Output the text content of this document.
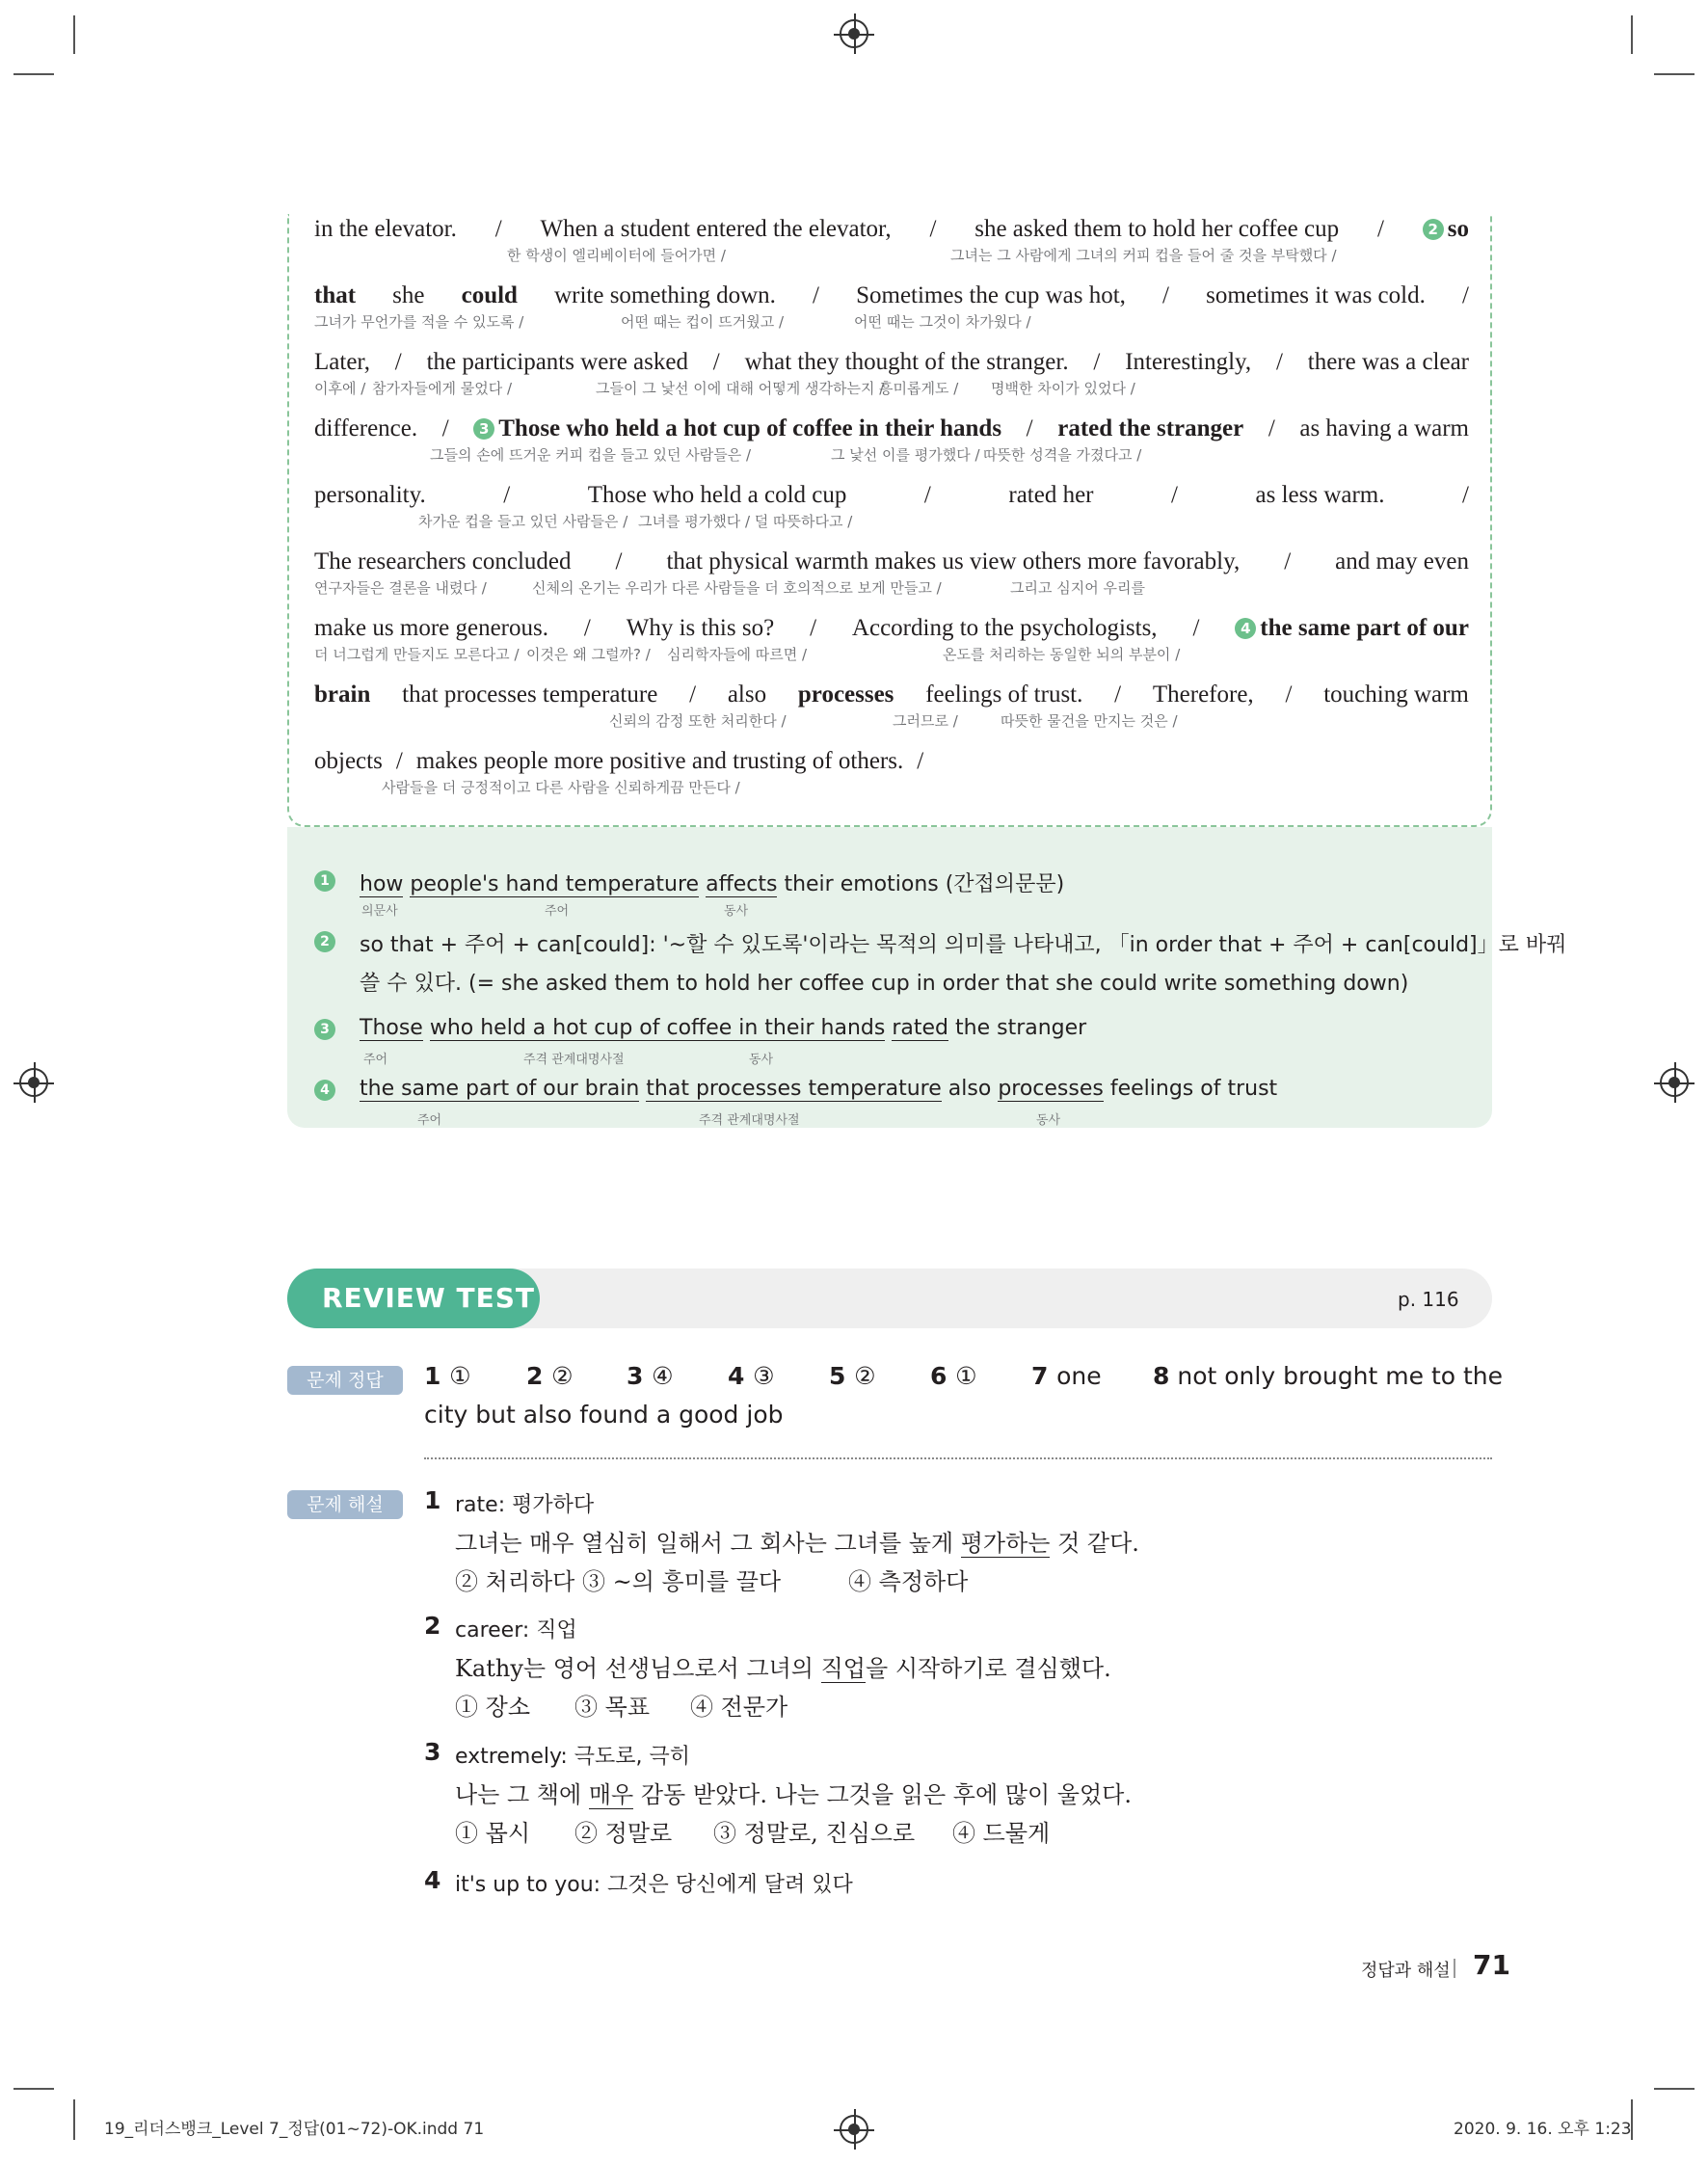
in the elevator. / When a student entered the elevator, / she asked them to hold her coffee cup /	2 so
한 학생이 엘리베이터에 들어가면 /	그녀는 그 사람에게 그녀의 커피 컵을 들어 줄 것을 부탁했다 /
that she could write something down. / Sometimes the cup was hot, / sometimes it was cold. /
그녀가 무언가를 적을 수 있도록 /	어떤 때는 컵이 뜨거웠고 /	어떤 때는 그것이 차가웠다 /
Later, / the participants were asked / what they thought of the stranger. / Interestingly, / there was a clear
이후에 / 참가자들에게 물었다 /	그들이 그 낯선 이에 대해 어떻게 생각하는지 /
흥미롭게도 / 명백한 차이가 있었다 /
difference. /	3 Those who held a hot cup of coffee in their hands / rated the stranger / as having a warm
그들의 손에 뜨거운 커피 컵을 들고 있던 사람들은 /	그 낯선 이를 평가했다 / 따뜻한 성격을 가졌다고 /
personality.	/	Those who held a cold cup	/	rated her	/	as less warm.	/
차가운 컵을 들고 있던 사람들은 / 그녀를 평가했다 / 덜 따뜻하다고 /
The researchers concluded / that physical warmth makes us view others more favorably, / and may even
연구자들은 결론을 내렸다 /	신체의 온기는 우리가 다른 사람들을 더 호의적으로 보게 만들고 /	그리고 심지어 우리를
make us more generous. / Why is this so? / According to the psychologists, /	4 the same part of our
더 너그럽게 만들지도 모른다고 / 이것은 왜 그럴까? / 심리학자들에 따르면 /	온도를 처리하는 동일한 뇌의 부분이 /
brain that processes temperature / also processes feelings of trust. / Therefore, / touching warm
신뢰의 감정 또한 처리한다 /	그러므로 /	따뜻한 물건을 만지는 것은 /
objects / makes people more positive and trusting of others. /
사람들을 더 긍정적이고 다른 사람을 신뢰하게끔 만든다 /
1 how people's hand temperature affects their emotions (간접의문문)
의문사	주어	동사
2 so that + 주어 + can[could]: '~할 수 있도록'이라는 목적의 의미를 나타내고, 「in order that + 주어 + can[could]」로 바꿔
쓸 수 있다. (= she asked them to hold her coffee cup in order that she could write something down)
3 Those who held a hot cup of coffee in their hands rated the stranger
주어	주격 관계대명사절	동사
4 the same part of our brain that processes temperature also processes feelings of trust
주어	주격 관계대명사절	동사
REVIEW TEST	p. 116
문제 정답	1 ① 2 ② 3 ④ 4 ③ 5 ② 6 ① 7 one 8 not only brought me to the
city but also found a good job
문제 해설	1 rate: 평가하다
그녀는 매우 열심히 일해서 그 회사는 그녀를 높게 평가하는 것 같다.
② 처리하다 ③ ~의 흥미를 끌다	④ 측정하다
2 career: 직업
Kathy는 영어 선생님으로서 그녀의 직업을 시작하기로 결심했다.
① 장소 ③ 목표 ④ 전문가
3 extremely: 극도로, 극히
나는 그 책에 매우 감동 받았다. 나는 그것을 읽은 후에 많이 울었다.
① 몹시 ② 정말로 ③ 정말로, 진심으로 ④ 드물게
4 it's up to you: 그것은 당신에게 달려 있다
정답과 해설 71
19_리더스뱅크_Level 7_정답(01~72)-OK.indd 71	2020. 9. 16. 오후 1:23
